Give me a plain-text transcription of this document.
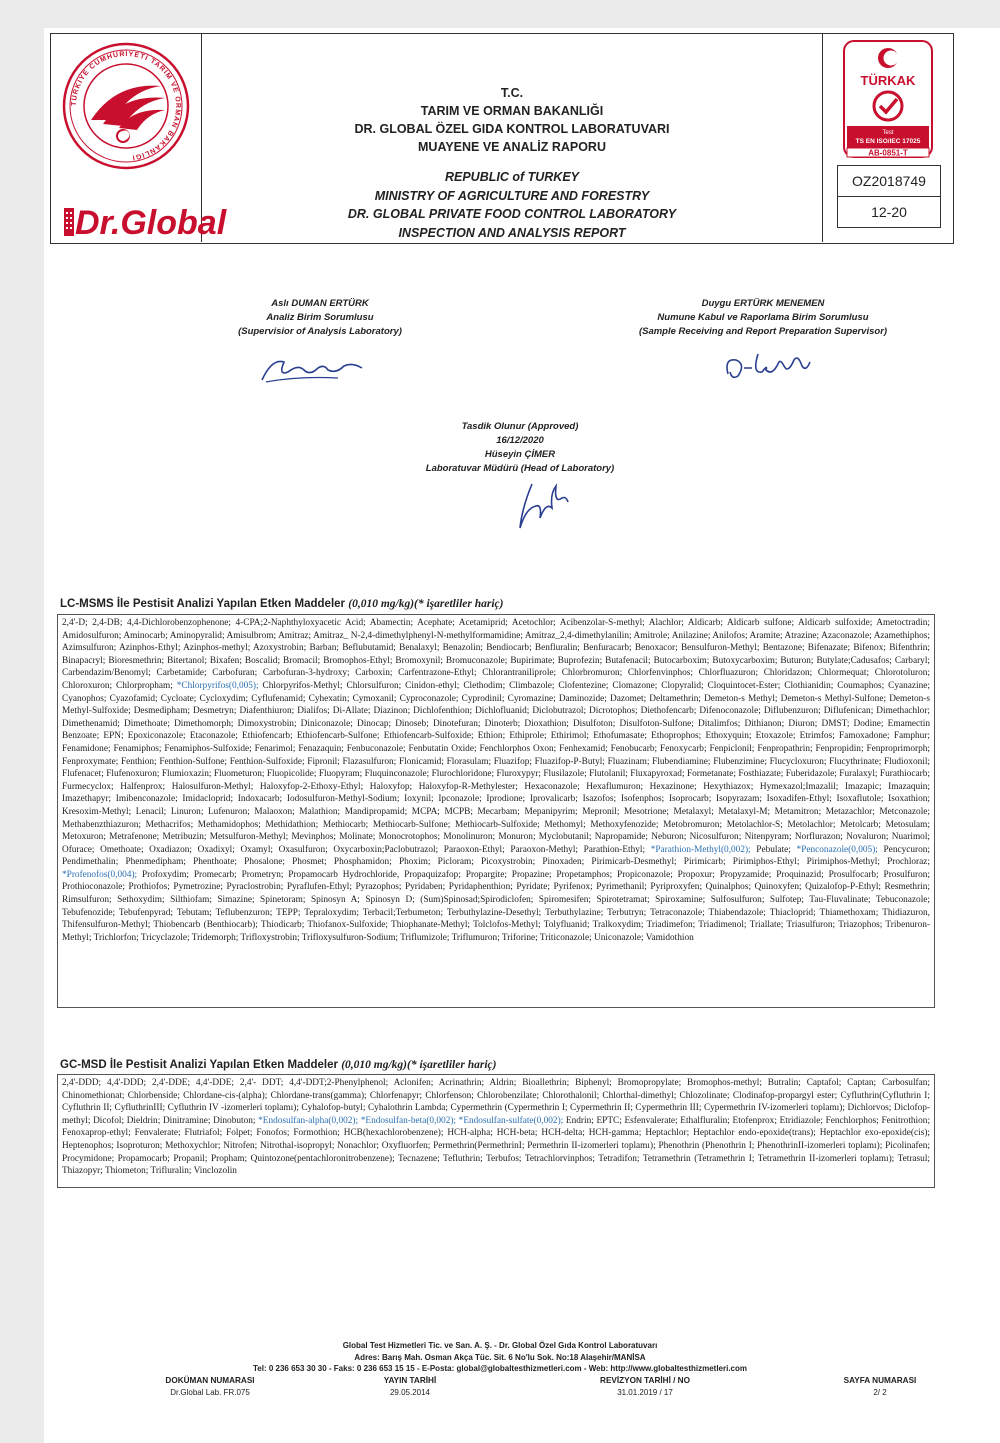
TÜRKİYE CUMHURİYETİ TARIM VE ORMAN BAKANLIĞI
Dr.Global
T.C.
TARIM VE ORMAN BAKANLIĞI
DR. GLOBAL ÖZEL GIDA KONTROL LABORATUVARI
MUAYENE VE ANALİZ RAPORU
REPUBLIC of TURKEY
MINISTRY OF AGRICULTURE AND FORESTRY
DR. GLOBAL PRIVATE FOOD CONTROL LABORATORY
INSPECTION AND ANALYSIS REPORT
TÜRKAK
Test
TS EN ISO/IEC 17025
AB-0851-T
OZ2018749
12-20
Aslı DUMAN ERTÜRK
Analiz Birim Sorumlusu
(Supervisior of Analysis Laboratory)
Duygu ERTÜRK MENEMEN
Numune Kabul ve Raporlama Birim Sorumlusu
(Sample Receiving and Report Preparation Supervisor)
Tasdik Olunur (Approved)
16/12/2020
Hüseyin ÇİMER
Laboratuvar Müdürü (Head of Laboratory)
LC-MSMS İle Pestisit Analizi Yapılan Etken Maddeler (0,010 mg/kg)(* işaretliler hariç)
2,4'-D; 2,4-DB; 4,4-Dichlorobenzophenone; 4-CPA;2-Naphthyloxyacetic Acid; Abamectin; Acephate; Acetamiprid; Acetochlor; Acibenzolar-S-methyl; Alachlor; Aldicarb; Aldicarb sulfone; Aldicarb sulfoxide; Ametoctradin; Amidosulfuron; Aminocarb; Aminopyralid; Amisulbrom; Amitraz; Amitraz_ N-2,4-dimethylphenyl-N-methylformamidine; Amitraz_2,4-dimethylanilin; Amitrole; Anilazine; Anilofos; Aramite; Atrazine; Azaconazole; Azamethiphos; Azimsulfuron; Azinphos-Ethyl; Azinphos-methyl; Azoxystrobin; Barban; Beflubutamid; Benalaxyl; Benazolin; Bendiocarb; Benfluralin; Benfuracarb; Benoxacor; Bensulfuron-Methyl; Bentazone; Bifenazate; Bifenox; Bifenthrin; Binapacryl; Bioresmethrin; Bitertanol; Bixafen; Boscalid; Bromacil; Bromophos-Ethyl; Bromoxynil; Bromuconazole; Bupirimate; Buprofezin; Butafenacil; Butocarboxim; Butoxycarboxim; Buturon; Butylate;Cadusafos; Carbaryl; Carbendazim/Benomyl; Carbetamide; Carbofuran; Carbofuran-3-hydroxy; Carboxin; Carfentrazone-Ethyl; Chlorantraniliprole; Chlorbromuron; Chlorfenvinphos; Chlorfluazuron; Chloridazon; Chlormequat; Chlorotoluron; Chloroxuron; Chlorpropham; *Chlorpyrifos(0,005); Chlorpyrifos-Methyl; Chlorsulfuron; Cinidon-ethyl; Clethodim; Climbazole; Clofentezine; Clomazone; Clopyralid; Cloquintocet-Ester; Clothianidin; Coumaphos; Cyanazine; Cyanophos; Cyazofamid; Cycloate; Cycloxydim; Cyflufenamid; Cyhexatin; Cymoxanil; Cyproconazole; Cyprodinil; Cyromazine; Daminozide; Dazomet; Deltamethrin; Demeton-s Methyl; Demeton-s Methyl-Sulfone; Demeton-s Methyl-Sulfoxide; Desmedipham; Desmetryn; Diafenthiuron; Dialifos; Di-Allate; Diazinon; Dichlofenthion; Dichlofluanid; Diclobutrazol; Dicrotophos; Diethofencarb; Difenoconazole; Diflubenzuron; Diflufenican; Dimethachlor; Dimethenamid; Dimethoate; Dimethomorph; Dimoxystrobin; Diniconazole; Dinocap; Dinoseb; Dinotefuran; Dinoterb; Dioxathion; Disulfoton; Disulfoton-Sulfone; Ditalimfos; Dithianon; Diuron; DMST; Dodine; Emamectin Benzoate; EPN; Epoxiconazole; Etaconazole; Ethiofencarb; Ethiofencarb-Sulfone; Ethiofencarb-Sulfoxide; Ethion; Ethiprole; Ethirimol; Ethofumasate; Ethoprophos; Ethoxyquin; Etoxazole; Etrimfos; Famoxadone; Famphur; Fenamidone; Fenamiphos; Fenamiphos-Sulfoxide; Fenarimol; Fenazaquin; Fenbuconazole; Fenbutatin Oxide; Fenchlorphos Oxon; Fenhexamid; Fenobucarb; Fenoxycarb; Fenpiclonil; Fenpropathrin; Fenpropidin; Fenproprimorph; Fenproxymate; Fenthion; Fenthion-Sulfone; Fenthion-Sulfoxide; Fipronil; Flazasulfuron; Flonicamid; Florasulam; Fluazifop; Fluazifop-P-Butyl; Fluazinam; Flubendiamine; Flubenzimine; Flucycloxuron; Flucythrinate; Fludioxonil; Flufenacet; Flufenoxuron; Flumioxazin; Fluometuron; Fluopicolide; Fluopyram; Fluquinconazole; Flurochloridone; Fluroxypyr; Flusilazole; Flutolanil; Fluxapyroxad; Formetanate; Fosthiazate; Fuberidazole; Furalaxyl; Furathiocarb; Furmecyclox; Halfenprox; Halosulfuron-Methyl; Haloxyfop-2-Ethoxy-Ethyl; Haloxyfop; Haloxyfop-R-Methylester; Hexaconazole; Hexaflumuron; Hexazinone; Hexythiazox; Hymexazol;Imazalil; Imazapic; Imazaquin; Imazethapyr; Imibenconazole; Imidacloprid; Indoxacarb; Iodosulfuron-Methyl-Sodium; Ioxynil; Ipconazole; Iprodione; Iprovalicarb; Isazofos; Isofenphos; Isoprocarb; Isopyrazam; Isoxadifen-Ethyl; Isoxaflutole; Isoxathion; Kresoxim-Methyl; Lenacil; Linuron; Lufenuron; Malaoxon; Malathion; Mandipropamid; MCPA; MCPB; Mecarbam; Mepanipyrim; Mepronil; Mesotrione; Metalaxyl; Metalaxyl-M; Metamitron; Metazachlor; Metconazole; Methabenzthiazuron; Methacrifos; Methamidophos; Methidathion; Methiocarb; Methiocarb-Sulfone; Methiocarb-Sulfoxide; Methomyl; Methoxyfenozide; Metobromuron; Metolachlor-S; Metolachlor; Metolcarb; Metosulam; Metoxuron; Metrafenone; Metribuzin; Metsulfuron-Methyl; Mevinphos; Molinate; Monocrotophos; Monolinuron; Monuron; Myclobutanil; Napropamide; Neburon; Nicosulfuron; Nitenpyram; Norflurazon; Novaluron; Nuarimol; Ofurace; Omethoate; Oxadiazon; Oxadixyl; Oxamyl; Oxasulfuron; Oxycarboxin;Paclobutrazol; Paraoxon-Ethyl; Paraoxon-Methyl; Parathion-Ethyl; *Parathion-Methyl(0,002); Pebulate; *Penconazole(0,005); Pencycuron; Pendimethalin; Phenmedipham; Phenthoate; Phosalone; Phosmet; Phosphamidon; Phoxim; Picloram; Picoxystrobin; Pinoxaden; Pirimicarb-Desmethyl; Pirimicarb; Pirimiphos-Ethyl; Pirimiphos-Methyl; Prochloraz; *Profenofos(0,004); Profoxydim; Promecarb; Prometryn; Propamocarb Hydrochloride, Propaquizafop; Propargite; Propazine; Propetamphos; Propiconazole; Propoxur; Propyzamide; Proquinazid; Prosulfocarb; Prosulfuron; Prothioconazole; Prothiofos; Pymetrozine; Pyraclostrobin; Pyraflufen-Ethyl; Pyrazophos; Pyridaben; Pyridaphenthion; Pyridate; Pyrifenox; Pyrimethanil; Pyriproxyfen; Quinalphos; Quinoxyfen; Quizalofop-P-Ethyl; Resmethrin; Rimsulfuron; Sethoxydim; Silthiofam; Simazine; Spinetoram; Spinosyn A; Spinosyn D; (Sum)Spinosad;Spirodiclofen; Spiromesifen; Spirotetramat; Spiroxamine; Sulfosulfuron; Sulfotep; Tau-Fluvalinate; Tebuconazole; Tebufenozide; Tebufenpyrad; Tebutam; Teflubenzuron; TEPP; Tepraloxydim; Terbacil;Terbumeton; Terbuthylazine-Desethyl; Terbuthylazine; Terbutryn; Tetraconazole; Thiabendazole; Thiacloprid; Thiamethoxam; Thidiazuron, Thifensulfuron-Methyl; Thiobencarb (Benthiocarb); Thiodicarb; Thiofanox-Sulfoxide; Thiophanate-Methyl; Tolclofos-Methyl; Tolyfluanid; Tralkoxydim; Triadimefon; Triadimenol; Triallate; Triasulfuron; Triazophos; Tribenuron-Methyl; Trichlorfon; Tricyclazole; Tridemorph; Trifloxystrobin; Trifloxysulfuron-Sodium; Triflumizole; Triflumuron; Triforine; Triticonazole; Uniconazole; Vamidothion
GC-MSD İle Pestisit Analizi Yapılan Etken Maddeler (0,010 mg/kg)(* işaretliler hariç)
2,4'-DDD; 4,4'-DDD; 2,4'-DDE; 4,4'-DDE; 2,4'- DDT; 4,4'-DDT;2-Phenylphenol; Aclonifen; Acrinathrin; Aldrin; Bioallethrin; Biphenyl; Bromopropylate; Bromophos-methyl; Butralin; Captafol; Captan; Carbosulfan; Chinomethionat; Chlorbenside; Chlordane-cis-(alpha); Chlordane-trans(gamma); Chlorfenapyr; Chlorfenson; Chlorobenzilate; Chlorothalonil; Chlorthal-dimethyl; Chlozolinate; Clodinafop-propargyl ester; Cyfluthrin(Cyfluthrin I; Cyfluthrin II; CyfluthrinIII; Cyfluthrin IV -izomerleri toplamı); Cyhalofop-butyl; Cyhalothrin Lambda; Cypermethrin (Cypermethrin I; Cypermethrin II; Cypermethrin III; Cypermethrin IV-izomerleri toplamı); Dichlorvos; Diclofop-methyl; Dicofol; Dieldrin; Dinitramine; Dinobuton; *Endosulfan-alpha(0,002); *Endosulfan-beta(0,002); *Endosulfan-sulfate(0,002); Endrin; EPTC; Esfenvalerate; Ethalfluralin; Etofenprox; Etridiazole; Fenchlorphos; Fenitrothion; Fenoxaprop-ethyl; Fenvalerate; Flutriafol; Folpet; Fonofos; Formothion; HCB(hexachlorobenzene); HCH-alpha; HCH-beta; HCH-delta; HCH-gamma; Heptachlor; Heptachlor endo-epoxide(trans); Heptachlor exo-epoxide(cis); Heptenophos; Isoproturon; Methoxychlor; Nitrofen; Nitrothal-isopropyl; Nonachlor; Oxyfluorfen; Permethrin(PermethrinI; Permethrin II-izomerleri toplamı); Phenothrin (Phenothrin I; PhenothrinII-izomerleri toplamı); Picolinafen; Procymidone; Propamocarb; Propanil; Propham; Quintozone(pentachloronitrobenzene); Tecnazene; Tefluthrin; Terbufos; Tetrachlorvinphos; Tetradifon; Tetramethrin (Tetramethrin I; Tetramethrin II-izomerleri toplamı); Tetrasul; Thiazopyr; Thiometon; Trifluralin; Vinclozolin
Global Test Hizmetleri Tic. ve San. A. Ş. - Dr. Global Özel Gıda Kontrol Laboratuvarı
Adres: Barış Mah. Osman Akça Tüc. Sit. 6 No'lu Sok. No:18 Alaşehir/MANİSA
Tel: 0 236 653 30 30 - Faks: 0 236 653 15 15 - E-Posta: global@globaltesthizmetleri.com - Web: http://www.globaltesthizmetleri.com
DOKÜMAN NUMARASI
Dr.Global Lab. FR.075
YAYIN TARİHİ
29.05.2014
REVİZYON TARİHİ / NO
31.01.2019 / 17
SAYFA NUMARASI
2/ 2
